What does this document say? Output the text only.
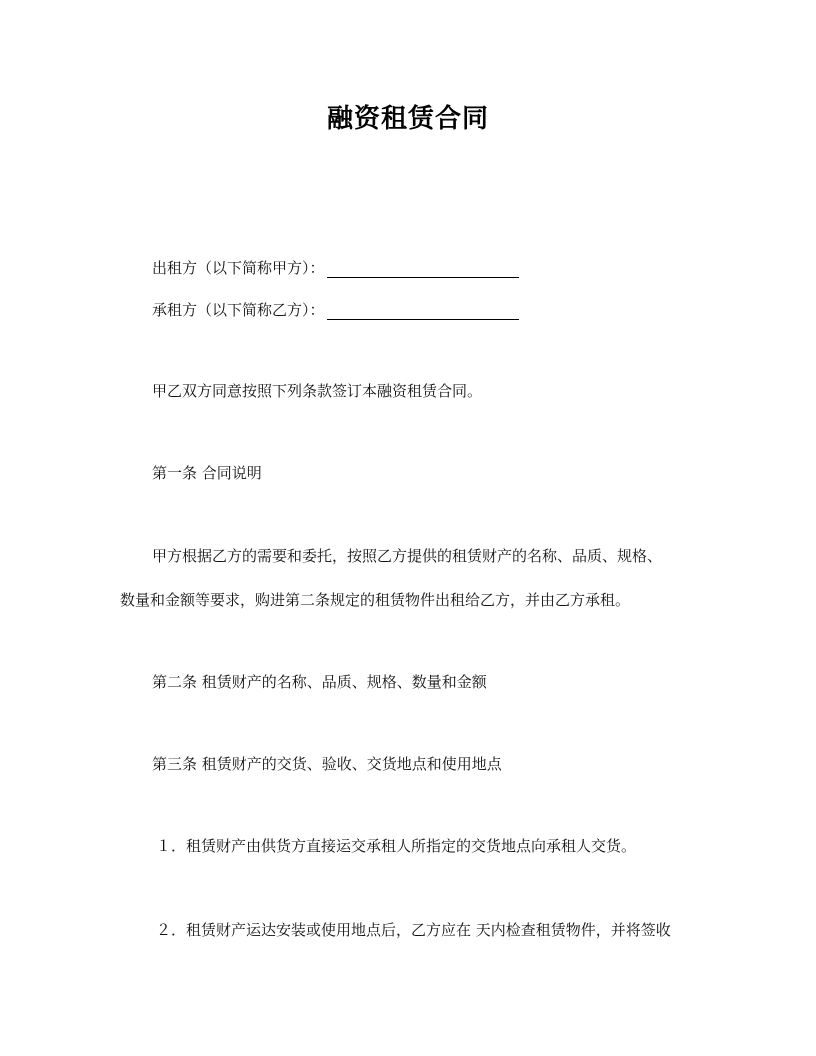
融资租赁合同
出租方（以下简称甲方）：
承租方（以下简称乙方）：
甲乙双方同意按照下列条款签订本融资租赁合同。
第一条 合同说明
甲方根据乙方的需要和委托，按照乙方提供的租赁财产的名称、品质、规格、
数量和金额等要求，购进第二条规定的租赁物件出租给乙方，并由乙方承租。
第二条 租赁财产的名称、品质、规格、数量和金额
第三条 租赁财产的交货、验收、交货地点和使用地点
１．租赁财产由供货方直接运交承租人所指定的交货地点向承租人交货。
２．租赁财产运达安装或使用地点后，乙方应在 天内检查租赁物件，并将签收
